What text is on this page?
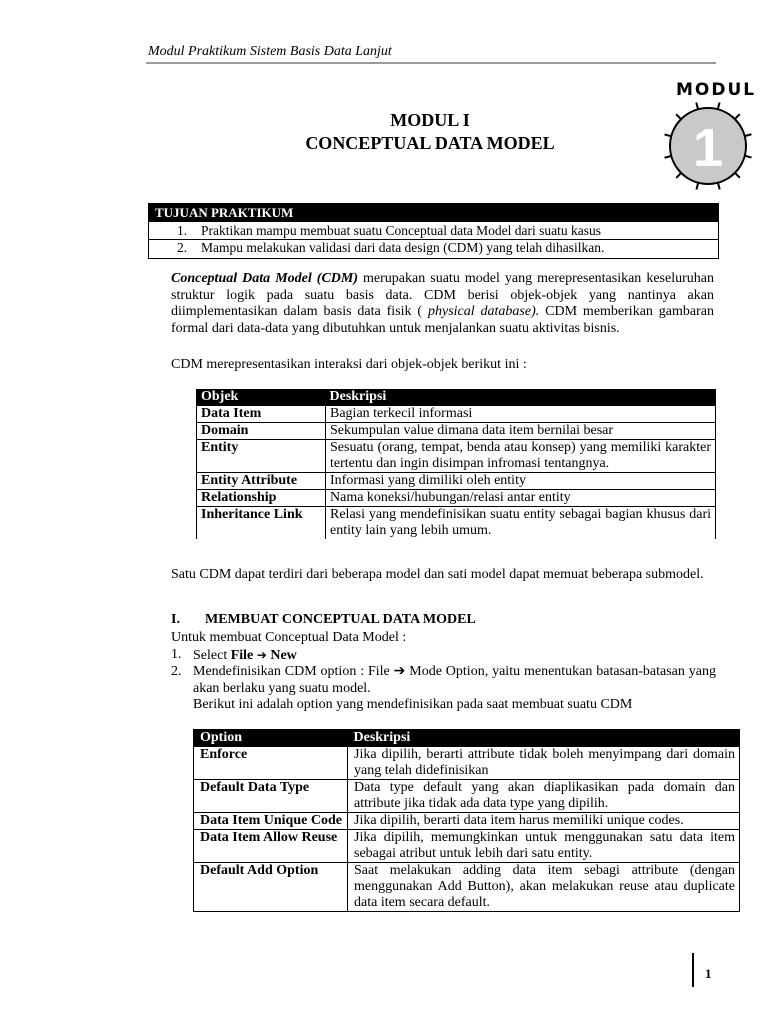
Modul Praktikum Sistem Basis Data Lanjut
MODUL
1
MODUL I
CONCEPTUAL DATA MODEL
TUJUAN PRAKTIKUM
1. Praktikan mampu membuat suatu Conceptual data Model dari suatu kasus
2. Mampu melakukan validasi dari data design (CDM) yang telah dihasilkan.
Conceptual Data Model (CDM) merupakan suatu model yang merepresentasikan keseluruhan struktur logik pada suatu basis data. CDM berisi objek-objek yang nantinya akan diimplementasikan dalam basis data fisik ( physical database). CDM memberikan gambaran formal dari data-data yang dibutuhkan untuk menjalankan suatu aktivitas bisnis.
CDM merepresentasikan interaksi dari objek-objek berikut ini :
Objek	Deskripsi
Data Item	Bagian terkecil informasi
Domain	Sekumpulan value dimana data item bernilai besar
Entity	Sesuatu (orang, tempat, benda atau konsep) yang memiliki karakter tertentu dan ingin disimpan infromasi tentangnya.
Entity Attribute	Informasi yang dimiliki oleh entity
Relationship	Nama koneksi/hubungan/relasi antar entity
Inheritance Link	Relasi yang mendefinisikan suatu entity sebagai bagian khusus dari entity lain yang lebih umum.
Satu CDM dapat terdiri dari beberapa model dan sati model dapat memuat beberapa submodel.
I. MEMBUAT CONCEPTUAL DATA MODEL
Untuk membuat Conceptual Data Model :
1. Select File ➔ New
2. Mendefinisikan CDM option : File ➔ Mode Option, yaitu menentukan batasan-batasan yang akan berlaku yang suatu model.
Berikut ini adalah option yang mendefinisikan pada saat membuat suatu CDM
Option	Deskripsi
Enforce	Jika dipilih, berarti attribute tidak boleh menyimpang dari domain yang telah didefinisikan
Default Data Type	Data type default yang akan diaplikasikan pada domain dan attribute jika tidak ada data type yang dipilih.
Data Item Unique Code	Jika dipilih, berarti data item harus memiliki unique codes.
Data Item Allow Reuse	Jika dipilih, memungkinkan untuk menggunakan satu data item sebagai atribut untuk lebih dari satu entity.
Default Add Option	Saat melakukan adding data item sebagi attribute (dengan menggunakan Add Button), akan melakukan reuse atau duplicate data item secara default.
1
